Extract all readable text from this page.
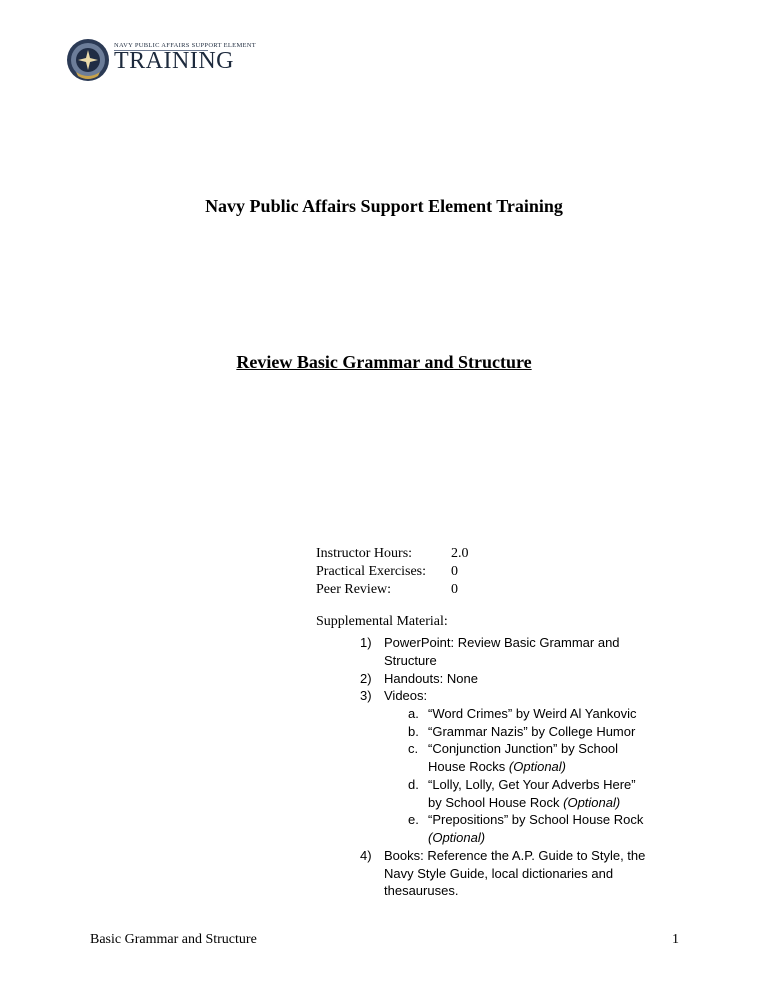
NAVY PUBLIC AFFAIRS SUPPORT ELEMENT
TRAINING
Navy Public Affairs Support Element Training
Review Basic Grammar and Structure
Instructor Hours:	2.0
Practical Exercises: 0
Peer Review:	0
Supplemental Material:
1) PowerPoint: Review Basic Grammar and
Structure
2) Handouts: None
3) Videos:
a. “Word Crimes” by Weird Al Yankovic
b. “Grammar Nazis” by College Humor
c. “Conjunction Junction” by School
House Rocks (Optional)
d. “Lolly, Lolly, Get Your Adverbs Here”
by School House Rock (Optional)
e. “Prepositions” by School House Rock
(Optional)
4) Books: Reference the A.P. Guide to Style, the
Navy Style Guide, local dictionaries and
thesauruses.
Basic Grammar and Structure	1
